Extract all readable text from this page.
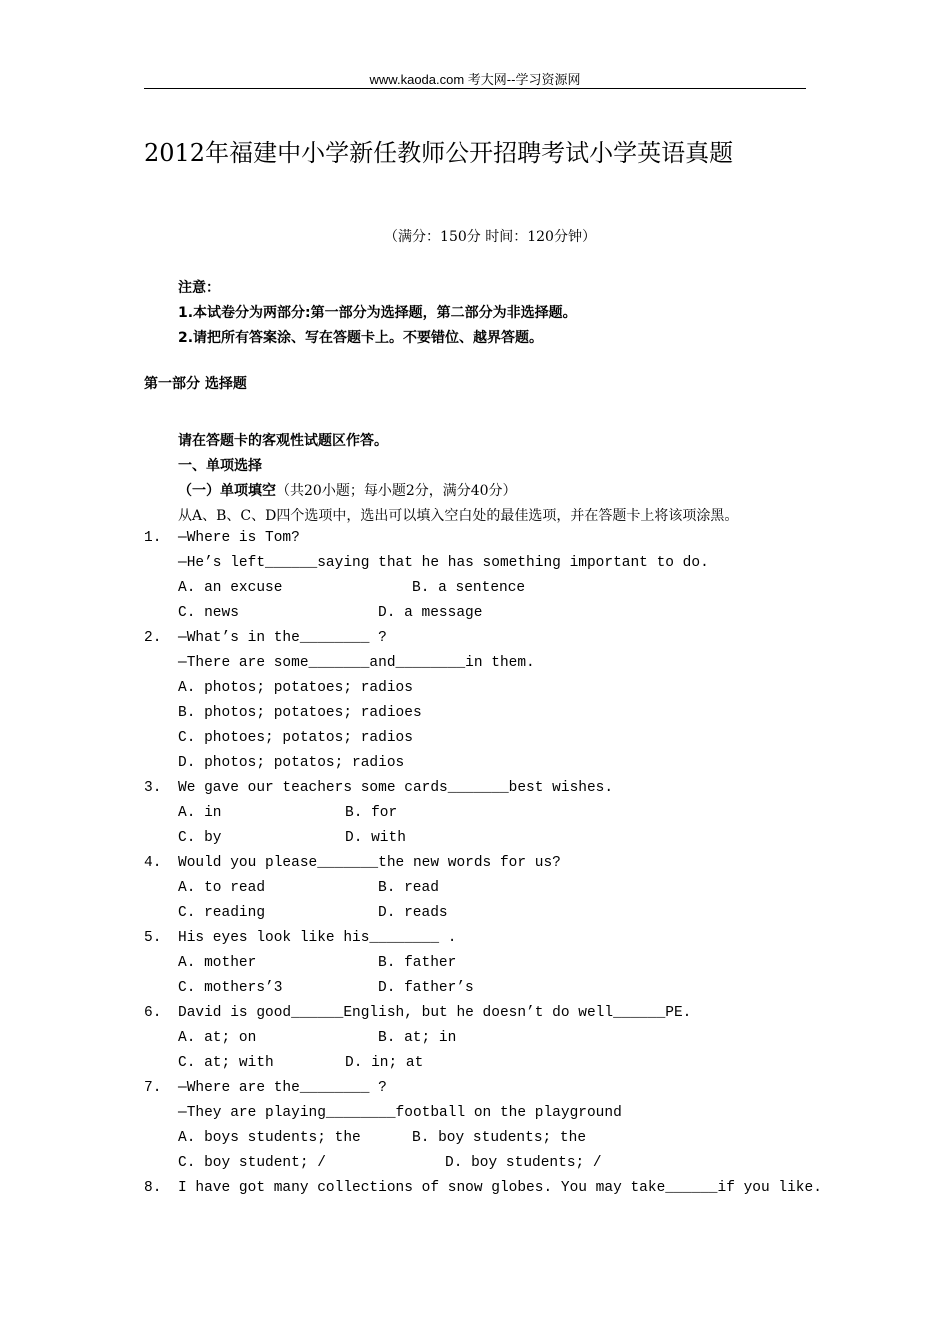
www.kaoda.com 考大网--学习资源网
2012年福建中小学新任教师公开招聘考试小学英语真题
（满分：150分 时间：120分钟）
注意：
1.本试卷分为两部分:第一部分为选择题，第二部分为非选择题。
2.请把所有答案涂、写在答题卡上。不要错位、越界答题。
第一部分 选择题
请在答题卡的客观性试题区作答。
一、单项选择
（一）单项填空（共20小题；每小题2分，满分40分）
从A、B、C、D四个选项中，选出可以填入空白处的最佳选项，并在答题卡上将该项涂黑。
1. —Where is Tom?
—He’s left______saying that he has something important to do.
A. an excuse	B. a sentence
C. news	D. a message
2. —What’s in the________ ?
—There are some_______and________in them.
A. photos; potatoes; radios
B. photos; potatoes; radioes
C. photoes; potatos; radios
D. photos; potatos; radios
3. We gave our teachers some cards_______best wishes.
A. in	B. for
C. by	D. with
4. Would you please_______the new words for us?
A. to read	B. read
C. reading	D. reads
5. His eyes look like his________ .
A. mother	B. father
C. mothers’3	D. father’s
6. David is good______English, but he doesn’t do well______PE.
A. at; on	B. at; in
C. at; with	D. in; at
7. —Where are the________ ?
—They are playing________football on the playground
A. boys students; the	B. boy students; the
C. boy student; /	D. boy students; /
8. I have got many collections of snow globes. You may take______if you like.
